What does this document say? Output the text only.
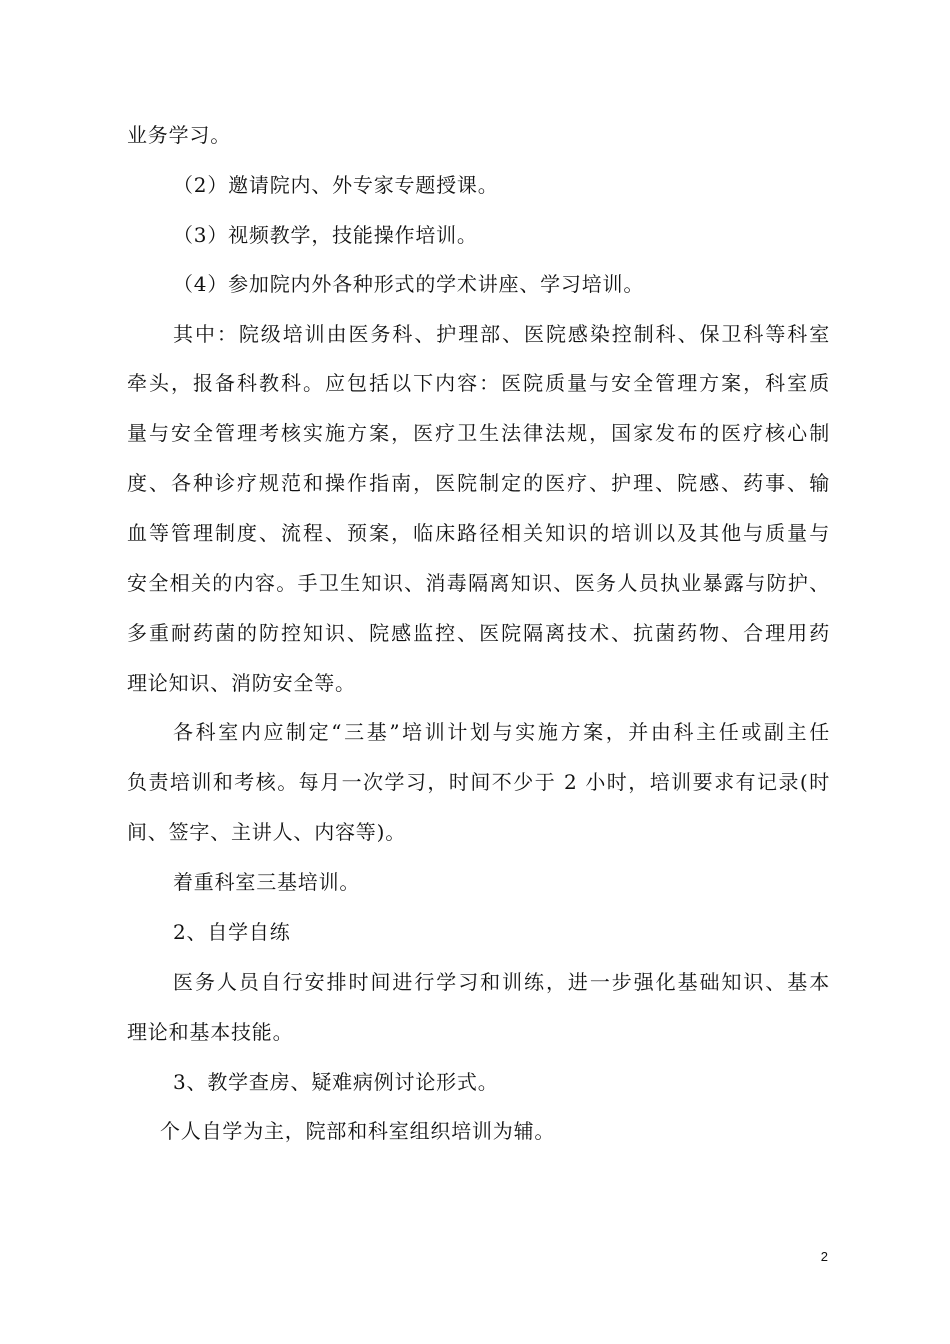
业务学习。
（2）邀请院内、外专家专题授课。
（3）视频教学，技能操作培训。
（4）参加院内外各种形式的学术讲座、学习培训。
其中：院级培训由医务科、护理部、医院感染控制科、保卫科等科室
牵头，报备科教科。应包括以下内容：医院质量与安全管理方案，科室质
量与安全管理考核实施方案，医疗卫生法律法规，国家发布的医疗核心制
度、各种诊疗规范和操作指南，医院制定的医疗、护理、院感、药事、输
血等管理制度、流程、预案，临床路径相关知识的培训以及其他与质量与
安全相关的内容。手卫生知识、消毒隔离知识、医务人员执业暴露与防护、
多重耐药菌的防控知识、院感监控、医院隔离技术、抗菌药物、合理用药
理论知识、消防安全等。
各科室内应制定“三基”培训计划与实施方案，并由科主任或副主任
负责培训和考核。每月一次学习，时间不少于 2 小时，培训要求有记录(时
间、签字、主讲人、内容等)。
着重科室三基培训。
2、自学自练
医务人员自行安排时间进行学习和训练，进一步强化基础知识、基本
理论和基本技能。
3、教学查房、疑难病例讨论形式。
个人自学为主，院部和科室组织培训为辅。
2
